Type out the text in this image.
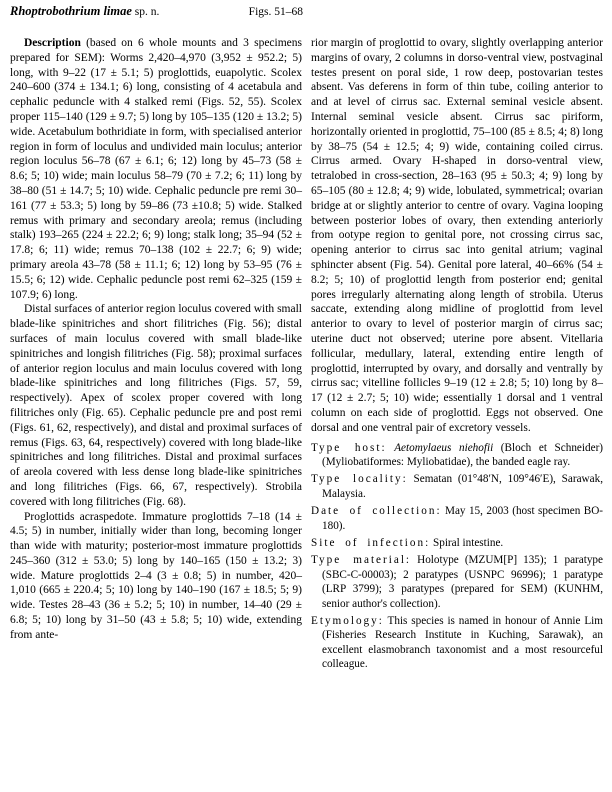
Rhoptrobothrium limae sp. n.	Figs. 51–68

Description (based on 6 whole mounts and 3 specimens prepared for SEM): Worms 2,420–4,970 (3,952 ± 952.2; 5) long, with 9–22 (17 ± 5.1; 5) proglottids, euapolytic. Scolex 240–600 (374 ± 134.1; 6) long, consisting of 4 acetabula and cephalic peduncle with 4 stalked remi (Figs. 52, 55). Scolex proper 115–140 (129 ± 9.7; 5) long by 105–135 (120 ± 13.2; 5) wide. Acetabulum bothridiate in form, with specialised anterior region in form of loculus and undivided main loculus; anterior region loculus 56–78 (67 ± 6.1; 6; 12) long by 45–73 (58 ± 8.6; 5; 10) wide; main loculus 58–79 (70 ± 7.2; 6; 11) long by 38–80 (51 ± 14.7; 5; 10) wide. Cephalic peduncle pre remi 30–161 (77 ± 53.3; 5) long by 59–86 (73 ±10.8; 5) wide. Stalked remus with primary and secondary areola; remus (including stalk) 193–265 (224 ± 22.2; 6; 9) long; stalk long; 35–94 (52 ± 17.8; 6; 11) wide; remus 70–138 (102 ± 22.7; 6; 9) wide; primary areola 43–78 (58 ± 11.1; 6; 12) long by 53–95 (76 ± 15.5; 6; 12) wide. Cephalic peduncle post remi 62–325 (159 ± 107.9; 6) long.

Distal surfaces of anterior region loculus covered with small blade-like spinitriches and short filitriches (Fig. 56); distal surfaces of main loculus covered with small blade-like spinitriches and longish filitriches (Fig. 58); proximal surfaces of anterior region loculus and main loculus covered with long blade-like spinitriches and long filitriches (Figs. 57, 59, respectively). Apex of scolex proper covered with long filitriches only (Fig. 65). Cephalic peduncle pre and post remi (Figs. 61, 62, respectively), and distal and proximal surfaces of remus (Figs. 63, 64, respectively) covered with long blade-like spinitriches and long filitriches. Distal and proximal surfaces of areola covered with less dense long blade-like spinitriches and long filitriches (Figs. 66, 67, respectively). Strobila covered with long filitriches (Fig. 68).

Proglottids acraspedote. Immature proglottids 7–18 (14 ± 4.5; 5) in number, initially wider than long, becoming longer than wide with maturity; posterior-most immature proglottids 245–360 (312 ± 53.0; 5) long by 140–165 (150 ± 13.2; 3) wide. Mature proglottids 2–4 (3 ± 0.8; 5) in number, 420–1,010 (665 ± 220.4; 5; 10) long by 140–190 (167 ± 18.5; 5; 9) wide. Testes 28–43 (36 ± 5.2; 5; 10) in number, 14–40 (29 ± 6.8; 5; 10) long by 31–50 (43 ± 5.8; 5; 10) wide, extending from ante-

rior margin of proglottid to ovary, slightly overlapping anterior margins of ovary, 2 columns in dorso-ventral view, postvaginal testes present on poral side, 1 row deep, postovarian testes absent. Vas deferens in form of thin tube, coiling anterior to and at level of cirrus sac. External seminal vesicle absent. Internal seminal vesicle absent. Cirrus sac piriform, horizontally oriented in proglottid, 75–100 (85 ± 8.5; 4; 8) long by 38–75 (54 ± 12.5; 4; 9) wide, containing coiled cirrus. Cirrus armed. Ovary H-shaped in dorso-ventral view, tetralobed in cross-section, 28–163 (95 ± 50.3; 4; 9) long by 65–105 (80 ± 12.8; 4; 9) wide, lobulated, symmetrical; ovarian bridge at or slightly anterior to centre of ovary. Vagina looping between posterior lobes of ovary, then extending anteriorly from ootype region to genital pore, not crossing cirrus sac, opening anterior to cirrus sac into genital atrium; vaginal sphincter absent (Fig. 54). Genital pore lateral, 40–66% (54 ± 8.2; 5; 10) of proglottid length from posterior end; genital pores irregularly alternating along length of strobila. Uterus saccate, extending along midline of proglottid from level anterior to ovary to level of posterior margin of cirrus sac; uterine duct not observed; uterine pore absent. Vitellaria follicular, medullary, lateral, extending entire length of proglottid, interrupted by ovary, and dorsally and ventrally by cirrus sac; vitelline follicles 9–19 (12 ± 2.8; 5; 10) long by 8–17 (12 ± 2.7; 5; 10) wide; essentially 1 dorsal and 1 ventral column on each side of proglottid. Eggs not observed. One dorsal and one ventral pair of excretory vessels.

Type host: Aetomylaeus niehofii (Bloch et Schneider) (Myliobatiformes: Myliobatidae), the banded eagle ray.
Type locality: Sematan (01°48′N, 109°46′E), Sarawak, Malaysia.
Date of collection: May 15, 2003 (host specimen BO-180).
Site of infection: Spiral intestine.
Type material: Holotype (MZUM[P] 135); 1 paratype (SBC-C-00003); 2 paratypes (USNPC 96996); 1 paratype (LRP 3799); 3 paratypes (prepared for SEM) (KUNHM, senior author's collection).
Etymology: This species is named in honour of Annie Lim (Fisheries Research Institute in Kuching, Sarawak), an excellent elasmobranch taxonomist and a most resourceful colleague.
